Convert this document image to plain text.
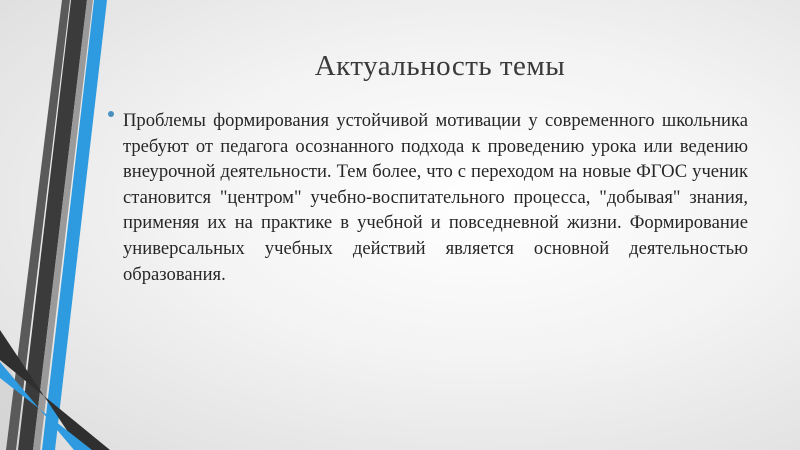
Актуальность темы

Проблемы формирования устойчивой мотивации у современного школьника требуют от педагога осознанного подхода к проведению урока или ведению внеурочной деятельности. Тем более, что с переходом на новые ФГОС ученик становится "центром" учебно-воспитательного процесса, "добывая" знания, применяя их на практике в учебной и повседневной жизни. Формирование универсальных учебных действий является основной деятельностью образования.
